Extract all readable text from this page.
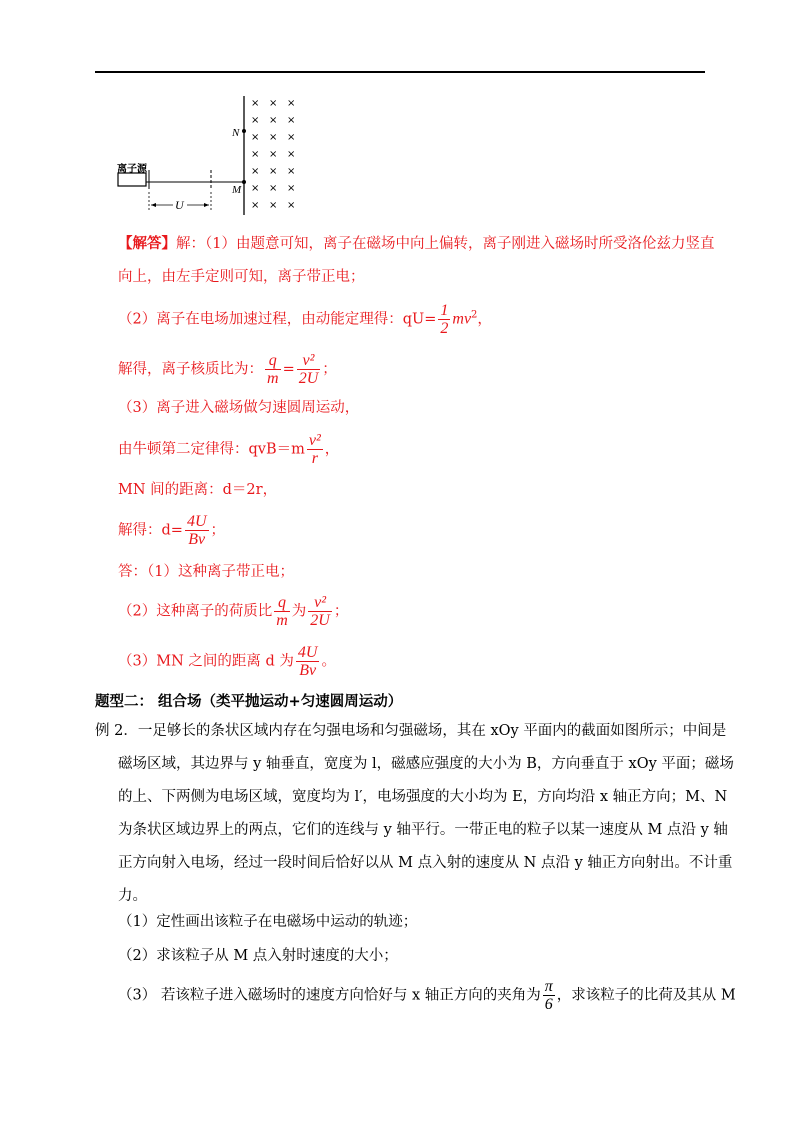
离子源
U
N
M
× × ×
× × ×
× × ×
× × ×
× × ×
× × ×
× × ×
【解答】解：（1）由题意可知，离子在磁场中向上偏转，离子刚进入磁场时所受洛伦兹力竖直
向上，由左手定则可知，离子带正电；
（2）离子在电场加速过程，由动能定理得：$qU= \frac{1}{2} mv^2$，
解得，离子核质比为： $\frac{q}{m} = \frac{\text{v²}}{2U}$ ；
（3）离子进入磁场做匀速圆周运动，
由牛顿第二定律得：$qvB=m \frac{\text{v²}}{r}$ ，
MN 间的距离：d＝2r，
解得：$d= \frac{4U}{Bv}$ ；
答：（1）这种离子带正电；
（2）这种离子的荷质比 $\frac{q}{m}$ 为 $\frac{\text{v²}}{2U}$ ；
（3）MN 之间的距离 d 为 $\frac{4U}{Bv}$ 。
题型二： 组合场（类平抛运动+匀速圆周运动）
例 2．一足够长的条状区域内存在匀强电场和匀强磁场，其在 xOy 平面内的截面如图所示；中间是
磁场区域，其边界与 y 轴垂直，宽度为 l，磁感应强度的大小为 B，方向垂直于 xOy 平面；磁场
的上、下两侧为电场区域，宽度均为 l′，电场强度的大小均为 E，方向均沿 x 轴正方向；M、N
为条状区域边界上的两点，它们的连线与 y 轴平行。一带正电的粒子以某一速度从 M 点沿 y 轴
正方向射入电场，经过一段时间后恰好以从 M 点入射的速度从 N 点沿 y 轴正方向射出。不计重
力。
（1）定性画出该粒子在电磁场中运动的轨迹；
（2）求该粒子从 M 点入射时速度的大小；
（3） 若该粒子进入磁场时的速度方向恰好与 x 轴正方向的夹角为 $\frac{\pi}{6}$ ，求该粒子的比荷及其从 M
